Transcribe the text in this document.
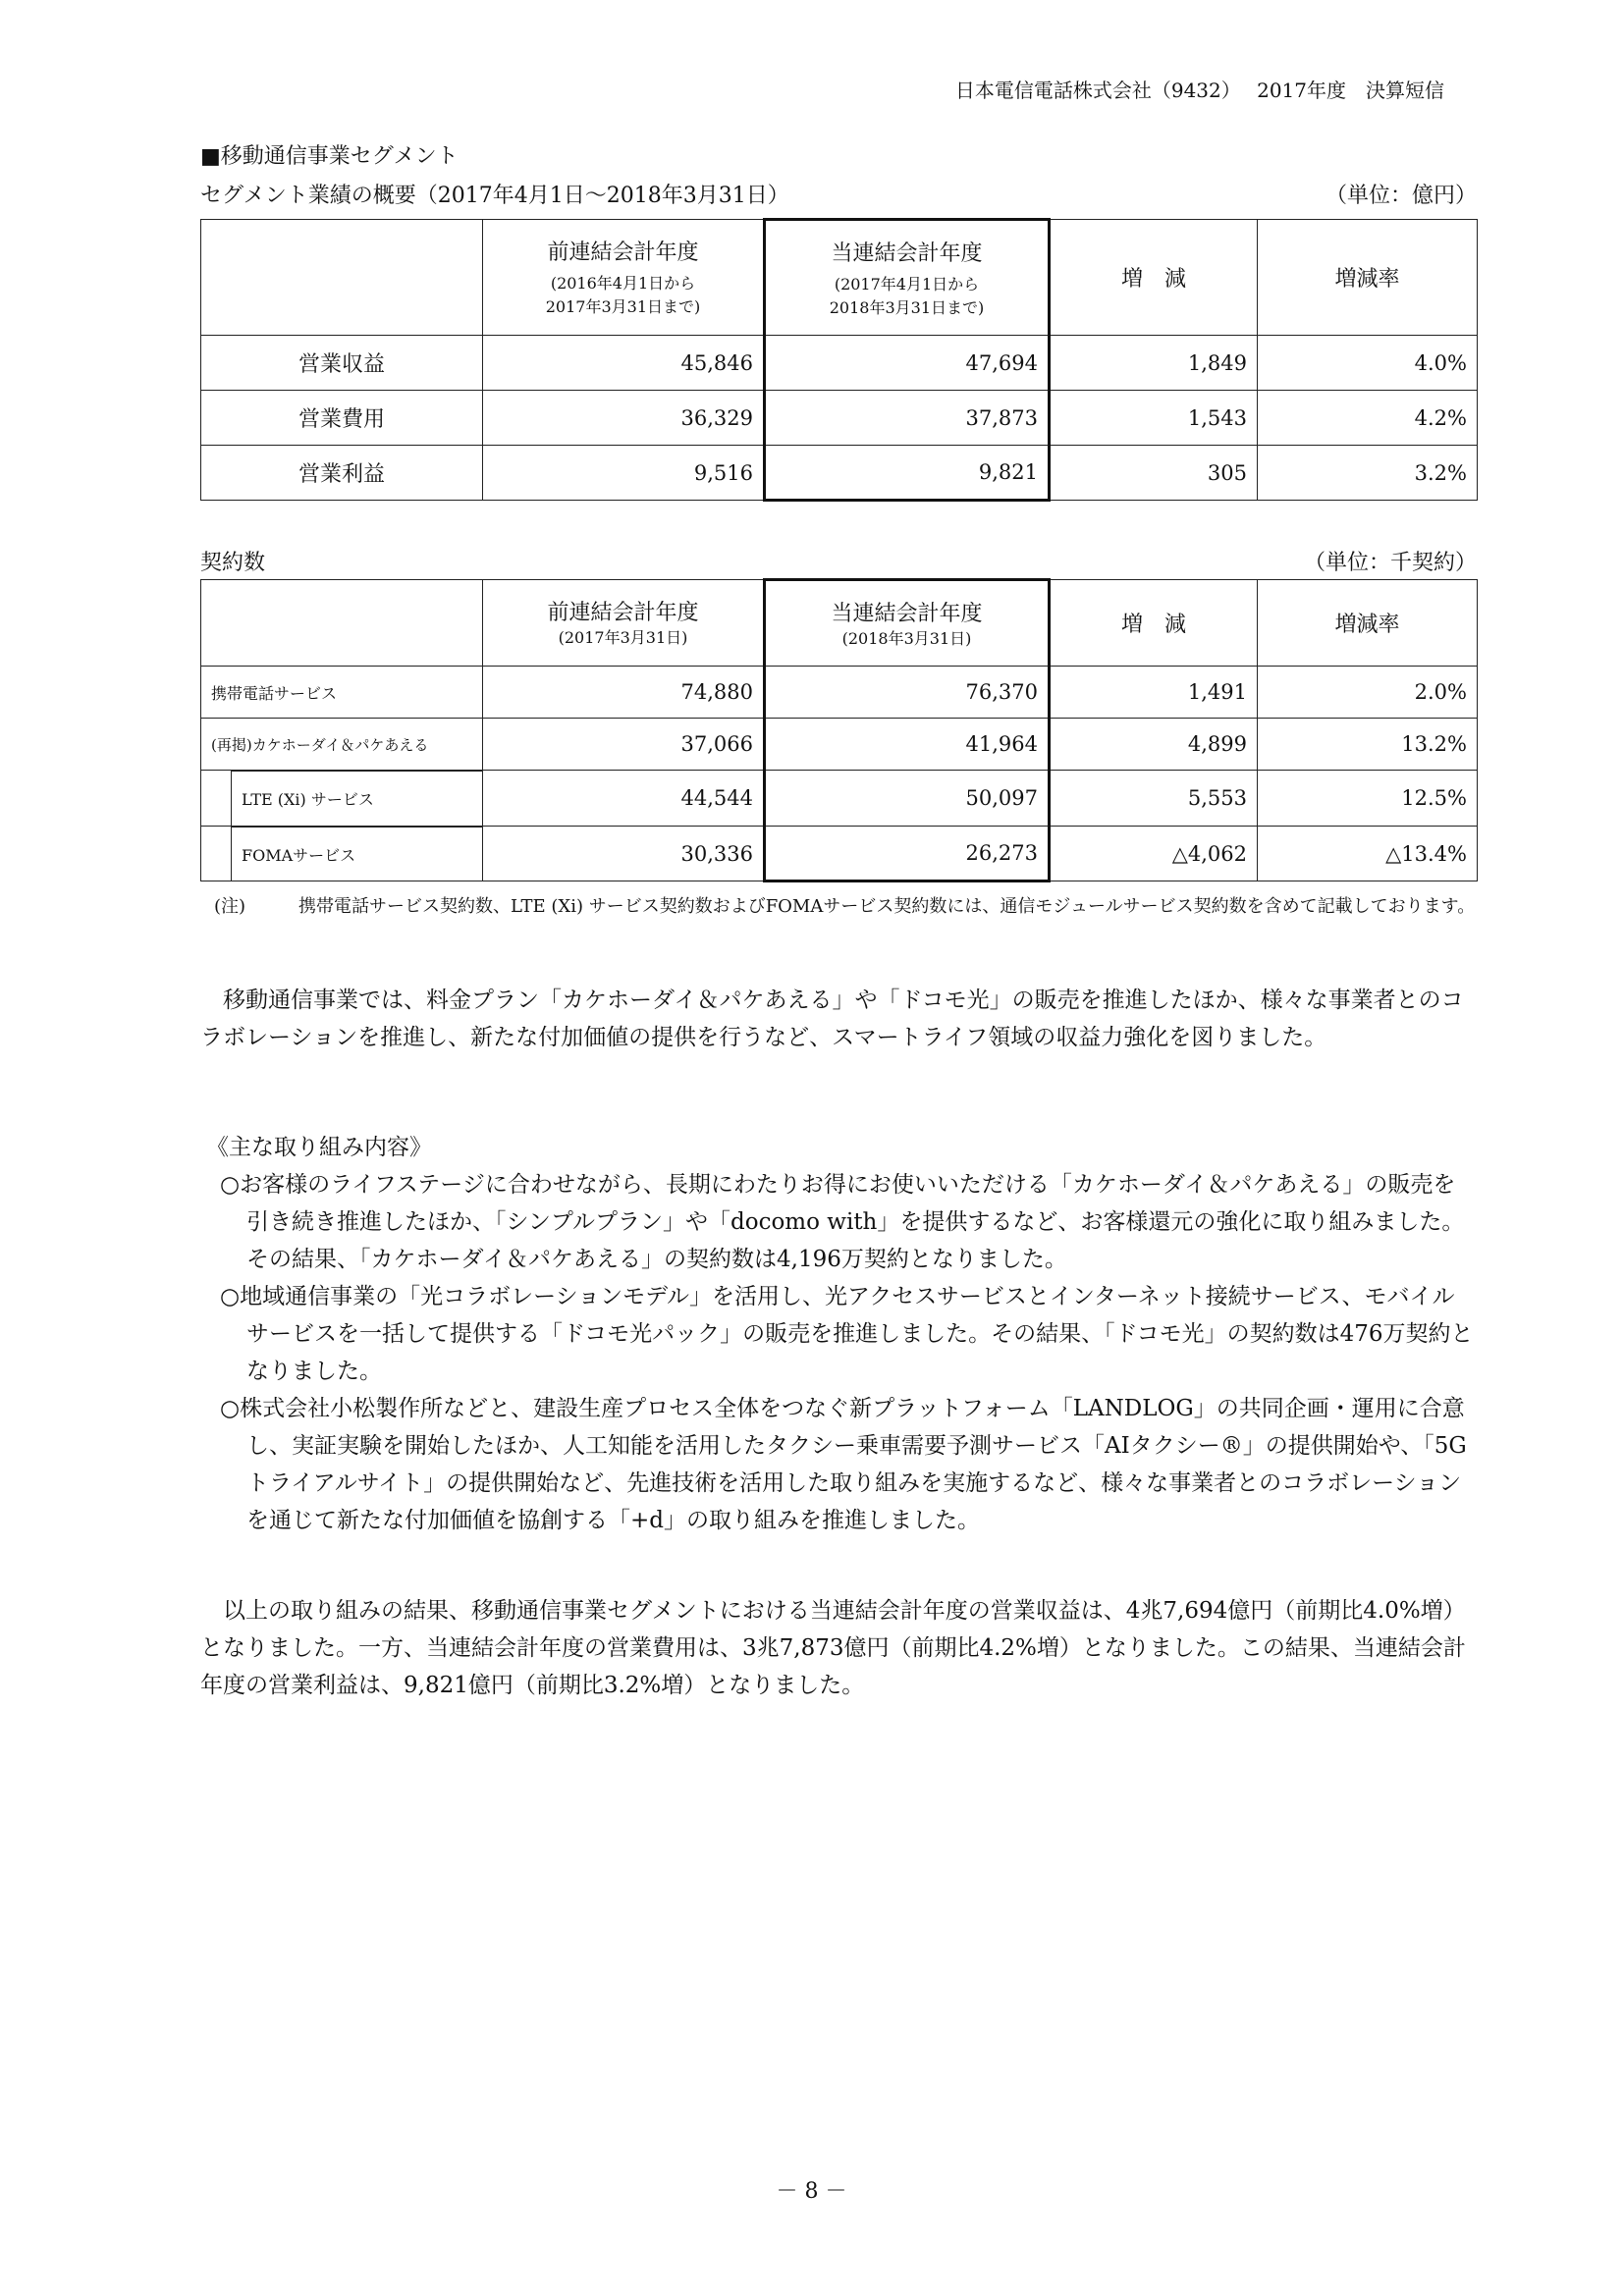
日本電信電話株式会社（9432）　 2017年度　決算短信
■移動通信事業セグメント
セグメント業績の概要（2017年4月1日～2018年3月31日）	（単位：億円）

	前連結会計年度
(2016年4月1日から
2017年3月31日まで)	当連結会計年度
(2017年4月1日から
2018年3月31日まで)	増　減	増減率

営業収益	45,846	47,694	1,849	4.0%
営業費用	36,329	37,873	1,543	4.2%
営業利益	9,516	9,821	305	3.2%
契約数	（単位：千契約）

	前連結会計年度
(2017年3月31日)	当連結会計年度
(2018年3月31日)	増　減	増減率

携帯電話サービス	74,880	76,370	1,491	2.0%
(再掲)カケホーダイ＆パケあえる	37,066	41,964	4,899	13.2%

LTE (Xi) サービス	44,544	50,097	5,553	12.5%

FOMAサービス	30,336	26,273	△4,062	△13.4%
(注)	携帯電話サービス契約数、LTE (Xi) サービス契約数およびFOMAサービス契約数には、通信モジュールサービス契約数を含めて記載しております。

移動通信事業では、料金プラン「カケホーダイ＆パケあえる」や「ドコモ光」の販売を推進したほか、様々な事業者とのコラボレーションを推進し、新たな付加価値の提供を行うなど、スマートライフ領域の収益力強化を図りました。

《主な取り組み内容》

○お客様のライフステージに合わせながら、長期にわたりお得にお使いいただける「カケホーダイ＆パケあえる」の販売を引き続き推進したほか、「シンプルプラン」や「docomo with」を提供するなど、お客様還元の強化に取り組みました。その結果、「カケホーダイ＆パケあえる」の契約数は4,196万契約となりました。

○地域通信事業の「光コラボレーションモデル」を活用し、光アクセスサービスとインターネット接続サービス、モバイルサービスを一括して提供する「ドコモ光パック」の販売を推進しました。その結果、「ドコモ光」の契約数は476万契約となりました。

○株式会社小松製作所などと、建設生産プロセス全体をつなぐ新プラットフォーム「LANDLOG」の共同企画・運用に合意し、実証実験を開始したほか、人工知能を活用したタクシー乗車需要予測サービス「AIタクシー®」の提供開始や、「5Gトライアルサイト」の提供開始など、先進技術を活用した取り組みを実施するなど、様々な事業者とのコラボレーションを通じて新たな付加価値を協創する「+d」の取り組みを推進しました。

以上の取り組みの結果、移動通信事業セグメントにおける当連結会計年度の営業収益は、4兆7,694億円（前期比4.0%増）となりました。一方、当連結会計年度の営業費用は、3兆7,873億円（前期比4.2%増）となりました。この結果、当連結会計年度の営業利益は、9,821億円（前期比3.2%増）となりました。

－ 8 －
